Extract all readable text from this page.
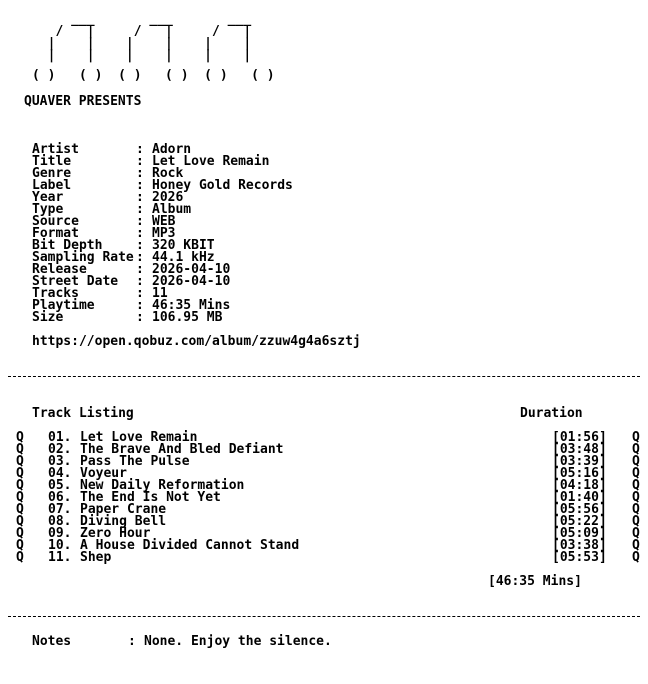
___       ___       ___
/   |     /   |     /   |
|    |    |    |    |    |
|    |    |    |    |    |
( )   ( )  ( )   ( )  ( )   ( )
QUAVER PRESENTS
Artist	: Adorn
Title	: Let Love Remain
Genre	: Rock
Label	: Honey Gold Records
Year	: 2026
Type	: Album
Source	: WEB
Format	: MP3
Bit Depth	: 320 KBIT
Sampling Rate : 44.1 kHz
Release	: 2026-04-10
Street Date : 2026-04-10
Tracks	: 11
Playtime	: 46:35 Mins
Size	: 106.95 MB
https://open.qobuz.com/album/zzuw4g4a6sztj
Track Listing	Duration
Q 01. Let Love Remain	[01:56] Q
Q 02. The Brave And Bled Defiant	[03:48] Q
Q 03. Pass The Pulse	[03:39] Q
Q 04. Voyeur	[05:16] Q
Q 05. New Daily Reformation	[04:18] Q
Q 06. The End Is Not Yet	[01:40] Q
Q 07. Paper Crane	[05:56] Q
Q 08. Diving Bell	[05:22] Q
Q 09. Zero Hour	[05:09] Q
Q 10. A House Divided Cannot Stand	[03:38] Q
Q 11. Shep	[05:53] Q
[46:35 Mins]
Notes	: None. Enjoy the silence.
